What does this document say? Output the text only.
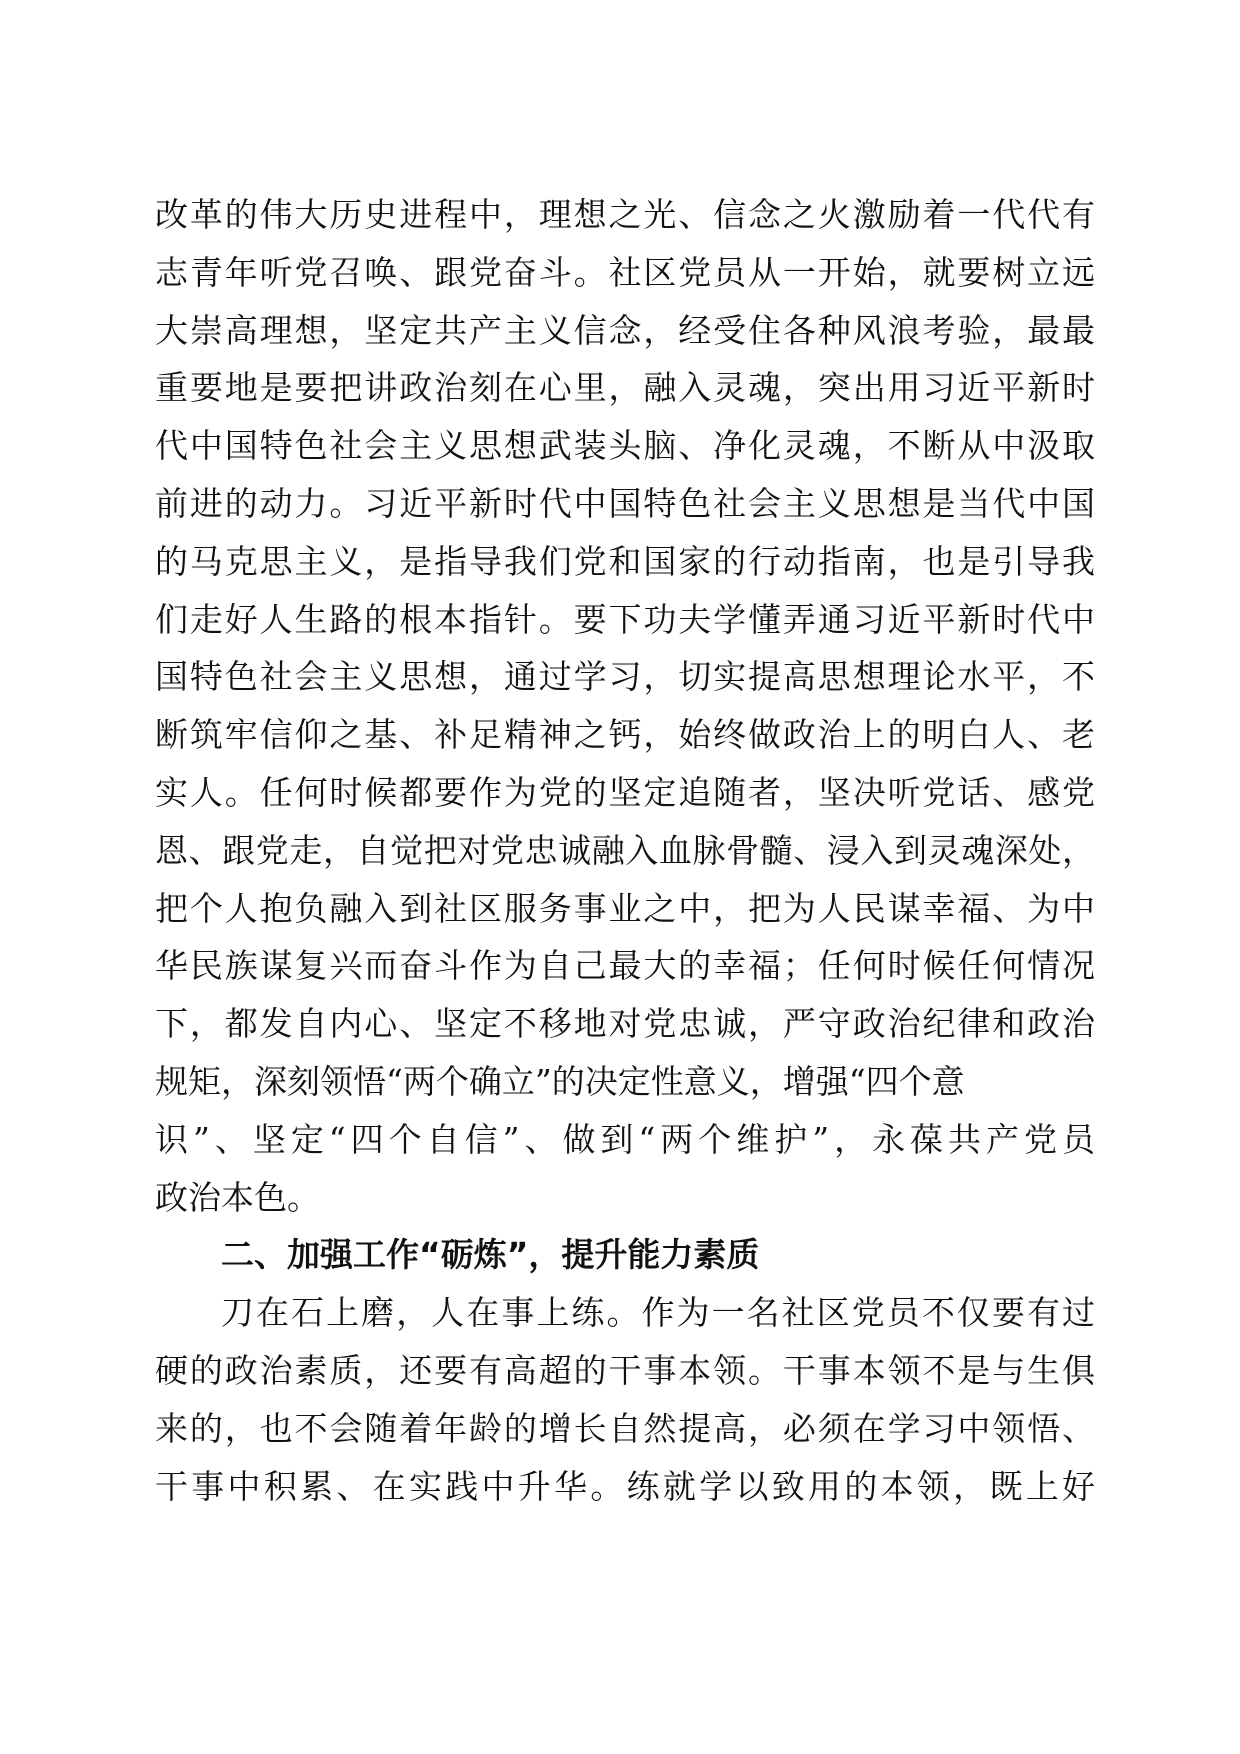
改革的伟大历史进程中，理想之光、信念之火激励着一代代有
志青年听党召唤、跟党奋斗。社区党员从一开始，就要树立远
大崇高理想，坚定共产主义信念，经受住各种风浪考验，最最
重要地是要把讲政治刻在心里，融入灵魂，突出用习近平新时
代中国特色社会主义思想武装头脑、净化灵魂，不断从中汲取
前进的动力。习近平新时代中国特色社会主义思想是当代中国
的马克思主义，是指导我们党和国家的行动指南，也是引导我
们走好人生路的根本指针。要下功夫学懂弄通习近平新时代中
国特色社会主义思想，通过学习，切实提高思想理论水平，不
断筑牢信仰之基、补足精神之钙，始终做政治上的明白人、老
实人。任何时候都要作为党的坚定追随者，坚决听党话、感党
恩、跟党走，自觉把对党忠诚融入血脉骨髓、浸入到灵魂深处，
把个人抱负融入到社区服务事业之中，把为人民谋幸福、为中
华民族谋复兴而奋斗作为自己最大的幸福；任何时候任何情况
下，都发自内心、坚定不移地对党忠诚，严守政治纪律和政治
规矩，深刻领悟“两个确立”的决定性意义，增强“四个意
识”、坚定“四个自信”、做到“两个维护”，永葆共产党员
政治本色。
二、加强工作“砺炼”，提升能力素质
刀在石上磨，人在事上练。作为一名社区党员不仅要有过
硬的政治素质，还要有高超的干事本领。干事本领不是与生俱
来的，也不会随着年龄的增长自然提高，必须在学习中领悟、
干事中积累、在实践中升华。练就学以致用的本领，既上好
